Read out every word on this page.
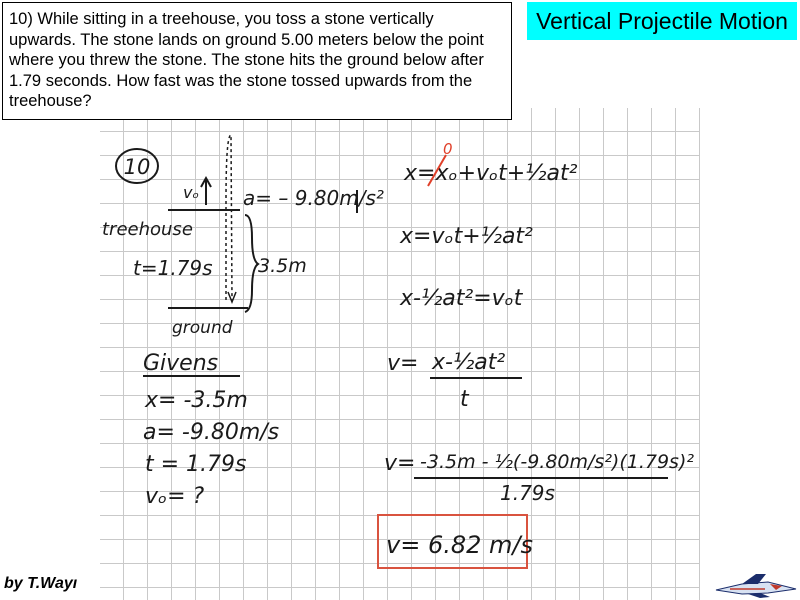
10
vₒ a= – 9.80m/s²
treehouse
t=1.79s 3.5m
ground
Givens
x= -3.5m
a= -9.80m/s
t = 1.79s
vₒ= ?
x=xₒ+vₒt+½at²
0
x=vₒt+½at²
x-½at²=vₒt
v= x-½at²
t
v= -3.5m - ½(-9.80m/s²)(1.79s)²
1.79s
v= 6.82 m/s
10) While sitting in a treehouse, you toss a stone vertically upwards. The stone lands on ground 5.00 meters below the point where you threw the stone. The stone hits the ground below after 1.79 seconds. How fast was the stone tossed upwards from the treehouse?
Vertical Projectile Motion
by T.Wayı
